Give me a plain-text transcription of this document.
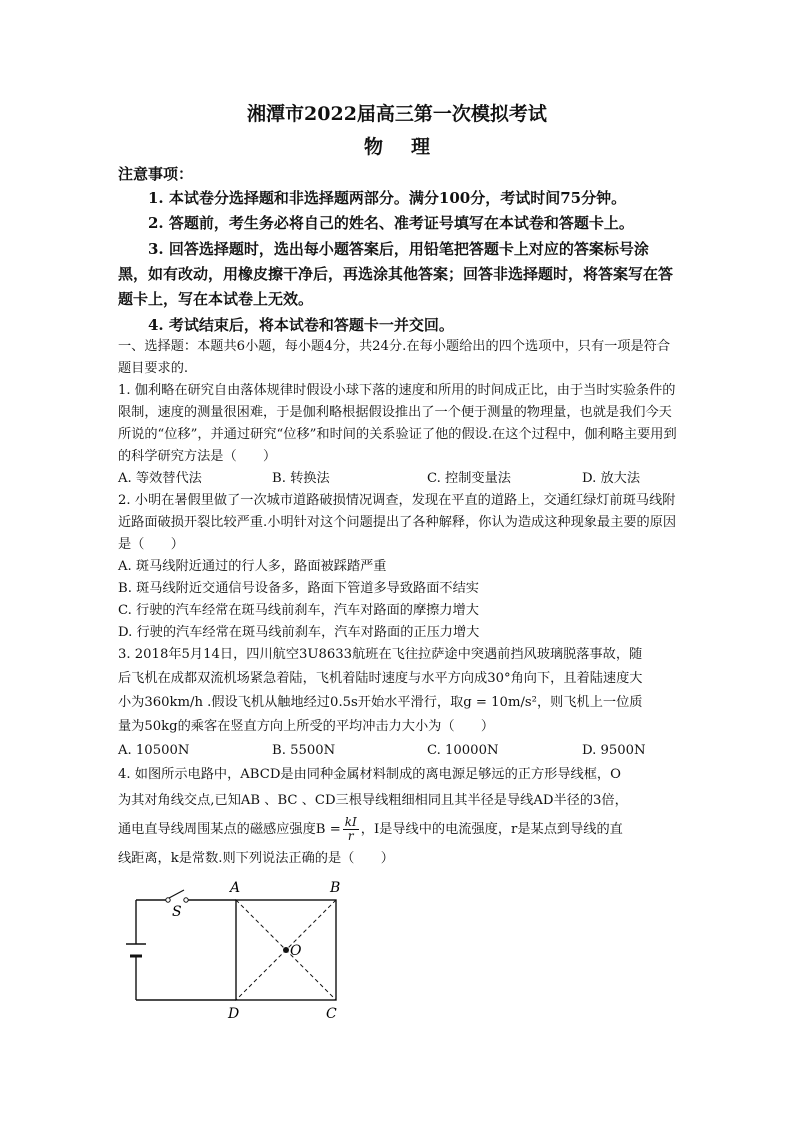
湘潭市2022届高三第一次模拟考试
物理
注意事项：
1. 本试卷分选择题和非选择题两部分。满分100分，考试时间75分钟。
2. 答题前，考生务必将自己的姓名、准考证号填写在本试卷和答题卡上。
3. 回答选择题时，选出每小题答案后，用铅笔把答题卡上对应的答案标号涂黑，如有改动，用橡皮擦干净后，再选涂其他答案；回答非选择题时，将答案写在答题卡上，写在本试卷上无效。
4. 考试结束后，将本试卷和答题卡一并交回。
一、选择题：本题共6小题，每小题4分，共24分.在每小题给出的四个选项中，只有一项是符合题目要求的.
1. 伽利略在研究自由落体规律时假设小球下落的速度和所用的时间成正比，由于当时实验条件的限制，速度的测量很困难，于是伽利略根据假设推出了一个便于测量的物理量，也就是我们今天所说的“位移”，并通过研究“位移”和时间的关系验证了他的假设.在这个过程中，伽利略主要用到的科学研究方法是（　　）
A. 等效替代法	B. 转换法	C. 控制变量法	D. 放大法
2. 小明在暑假里做了一次城市道路破损情况调查，发现在平直的道路上，交通红绿灯前斑马线附近路面破损开裂比较严重.小明针对这个问题提出了各种解释，你认为造成这种现象最主要的原因是（　　）
A. 斑马线附近通过的行人多，路面被踩踏严重
B. 斑马线附近交通信号设备多，路面下管道多导致路面不结实
C. 行驶的汽车经常在斑马线前刹车，汽车对路面的摩擦力增大
D. 行驶的汽车经常在斑马线前刹车，汽车对路面的正压力增大
3. 2018年5月14日，四川航空3U8633航班在飞往拉萨途中突遇前挡风玻璃脱落事故，随
后飞机在成都双流机场紧急着陆，飞机着陆时速度与水平方向成30°角向下，且着陆速度大
小为360km/h .假设飞机从触地经过0.5s开始水平滑行，取g = 10m/s²，则飞机上一位质
量为50kg的乘客在竖直方向上所受的平均冲击力大小为（　　）
A. 10500N	B. 5500N	C. 10000N	D. 9500N
4. 如图所示电路中，ABCD是由同种金属材料制成的离电源足够远的正方形导线框，O
为其对角线交点,已知AB 、BC 、CD三根导线粗细相同且其半径是导线AD半径的3倍，
通电直导线周围某点的磁感应强度$B = \frac{kI}{r}$ ，I是导线中的电流强度，r是某点到导线的直
线距离，k是常数.则下列说法正确的是（　　）
S
A	B
C
D
O
